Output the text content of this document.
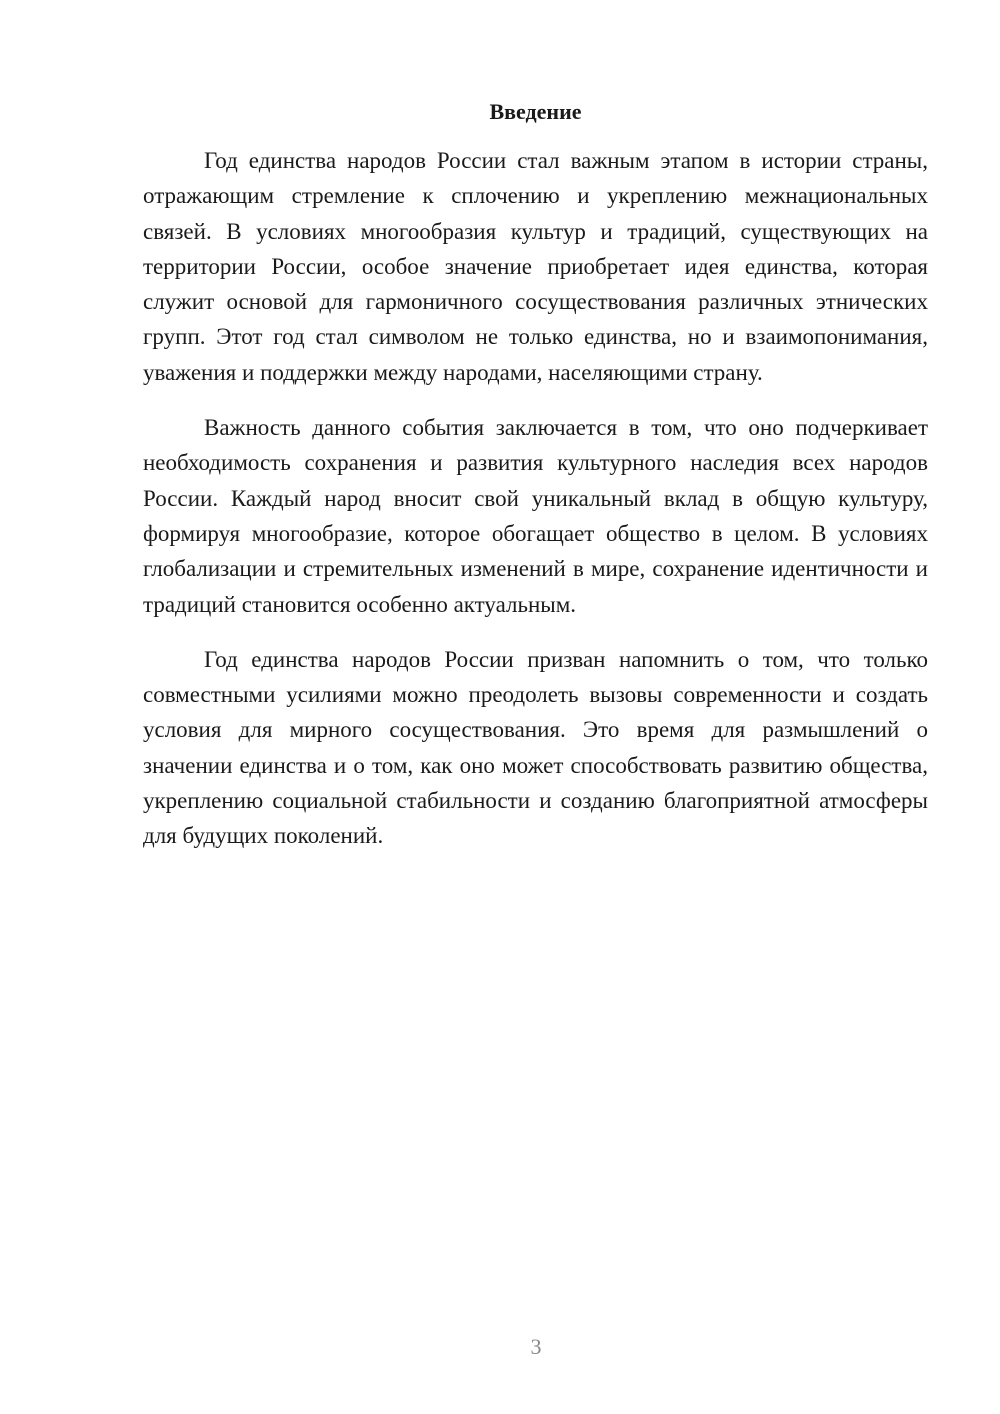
Введение

Год единства народов России стал важным этапом в истории страны, отражающим стремление к сплочению и укреплению межнациональных связей. В условиях многообразия культур и традиций, существующих на территории России, особое значение приобретает идея единства, которая служит основой для гармоничного сосуществования различных этнических групп. Этот год стал символом не только единства, но и взаимопонимания, уважения и поддержки между народами, населяющими страну.

Важность данного события заключается в том, что оно подчеркивает необходимость сохранения и развития культурного наследия всех народов России. Каждый народ вносит свой уникальный вклад в общую культуру, формируя многообразие, которое обогащает общество в целом. В условиях глобализации и стремительных изменений в мире, сохранение идентичности и традиций становится особенно актуальным.

Год единства народов России призван напомнить о том, что только совместными усилиями можно преодолеть вызовы современности и создать условия для мирного сосуществования. Это время для размышлений о значении единства и о том, как оно может способствовать развитию общества, укреплению социальной стабильности и созданию благоприятной атмосферы для будущих поколений.

3
